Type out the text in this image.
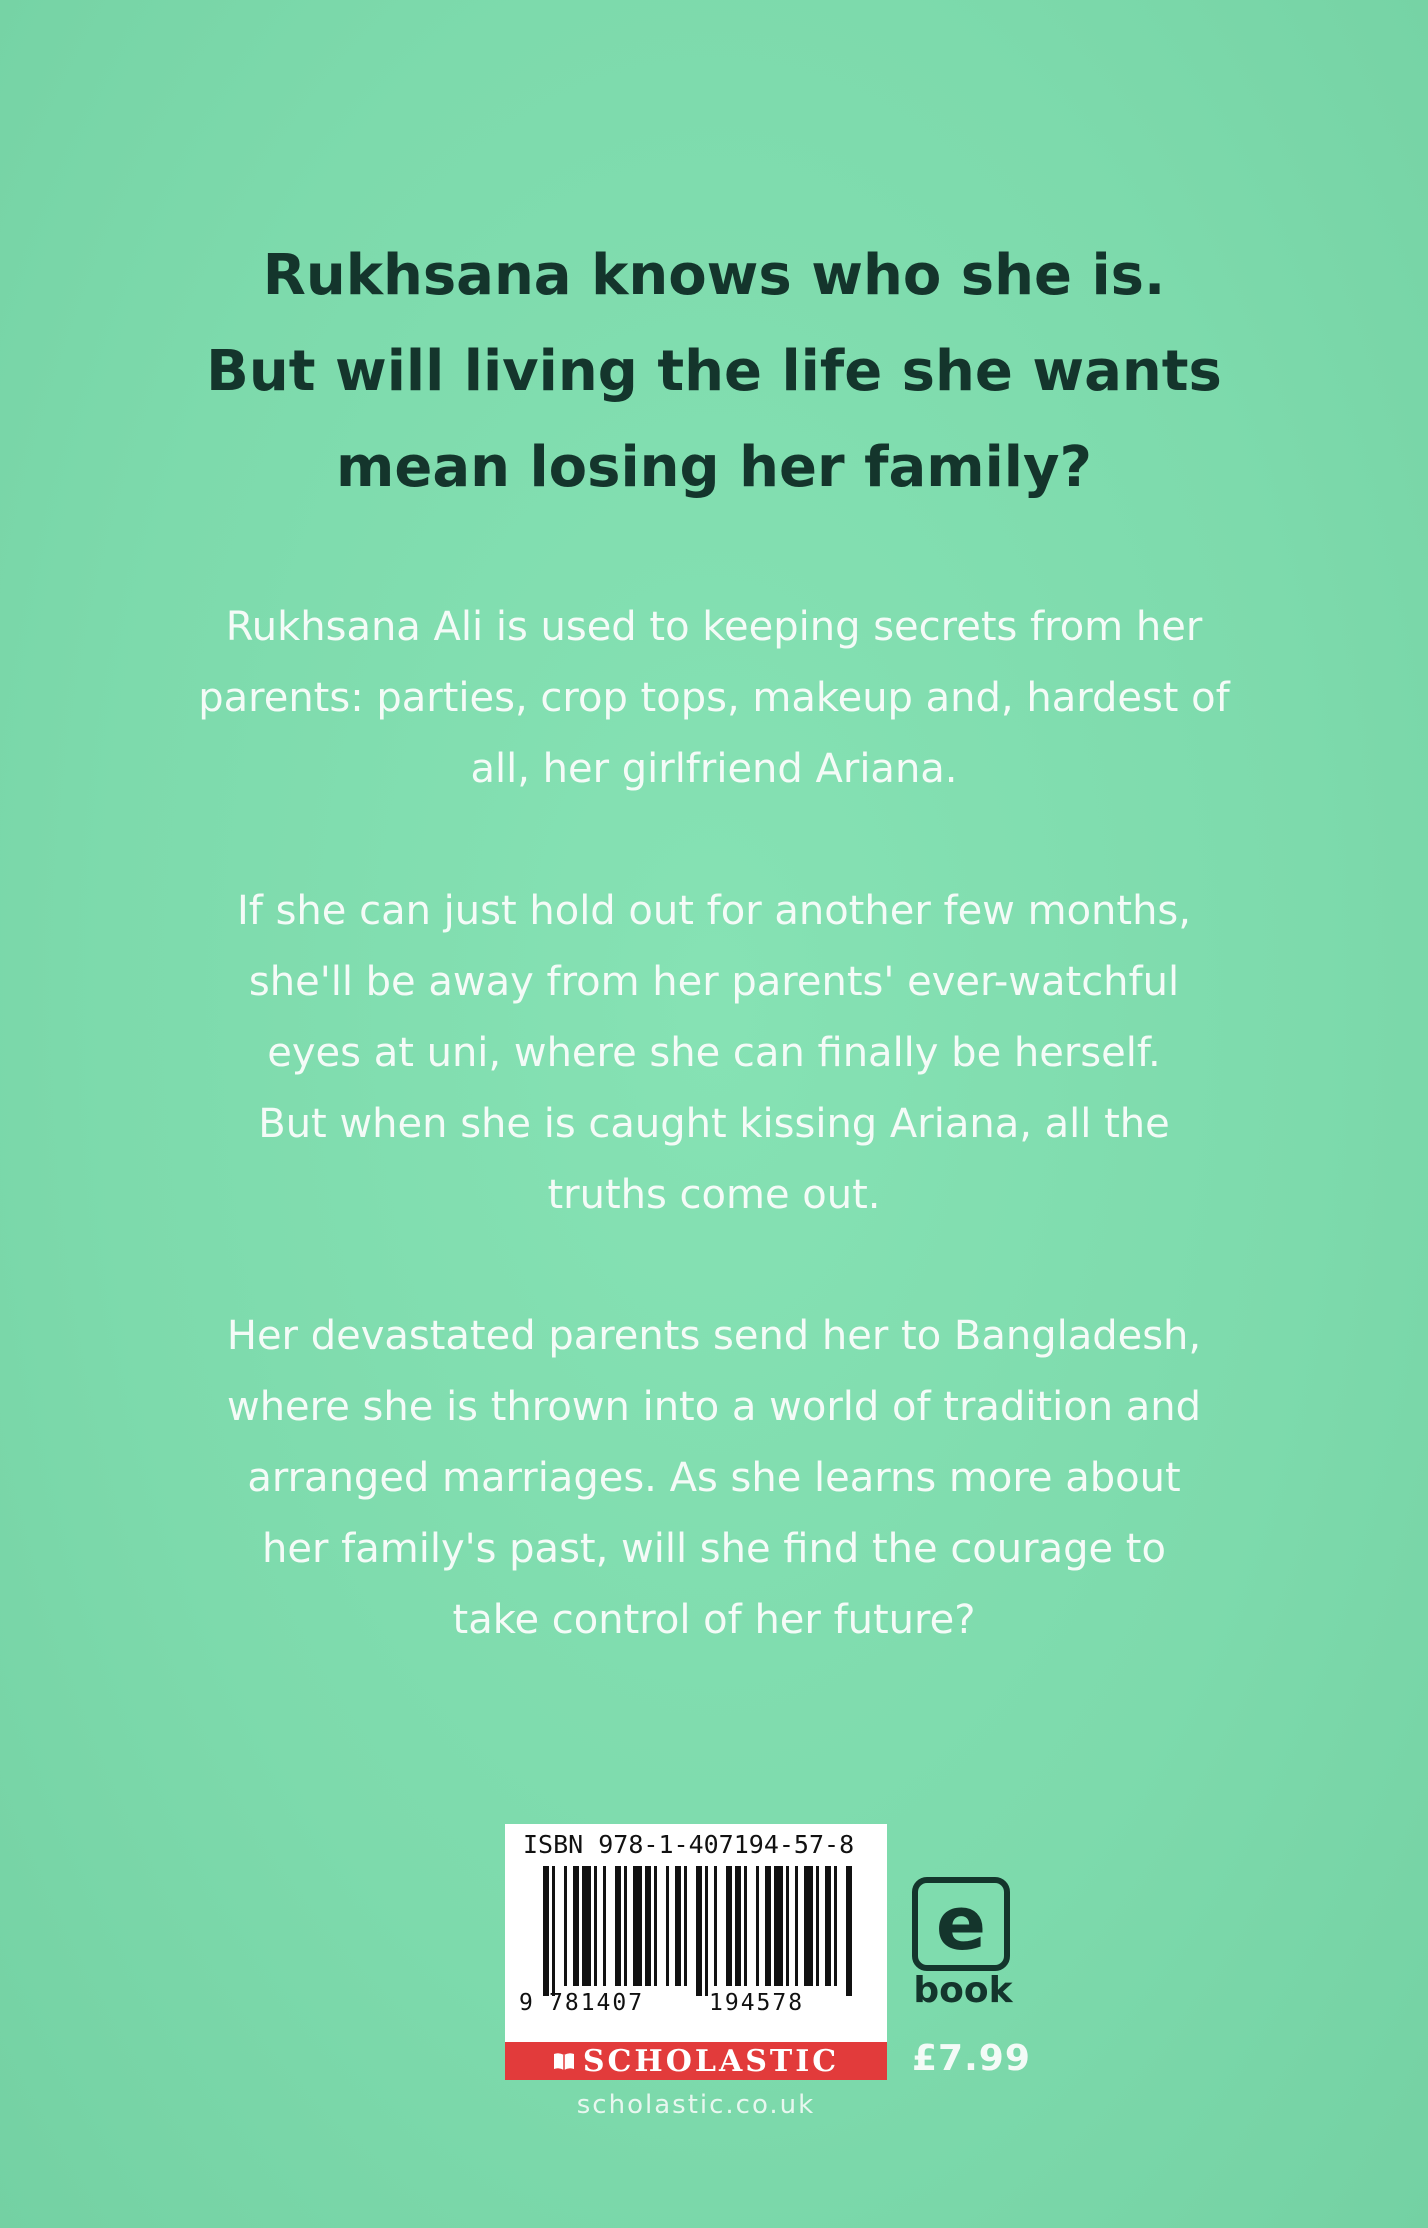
Rukhsana knows who she is.
But will living the life she wants
mean losing her family?
Rukhsana Ali is used to keeping secrets from her
parents: parties, crop tops, makeup and, hardest of
all, her girlfriend Ariana.
If she can just hold out for another few months,
she'll be away from her parents' ever-watchful
eyes at uni, where she can finally be herself.
But when she is caught kissing Ariana, all the
truths come out.
Her devastated parents send her to Bangladesh,
where she is thrown into a world of tradition and
arranged marriages. As she learns more about
her family's past, will she find the courage to
take control of her future?
ISBN 978-1-407194-57-8
9 781407	194578
SCHOLASTIC
scholastic.co.uk
e
book
£7.99
